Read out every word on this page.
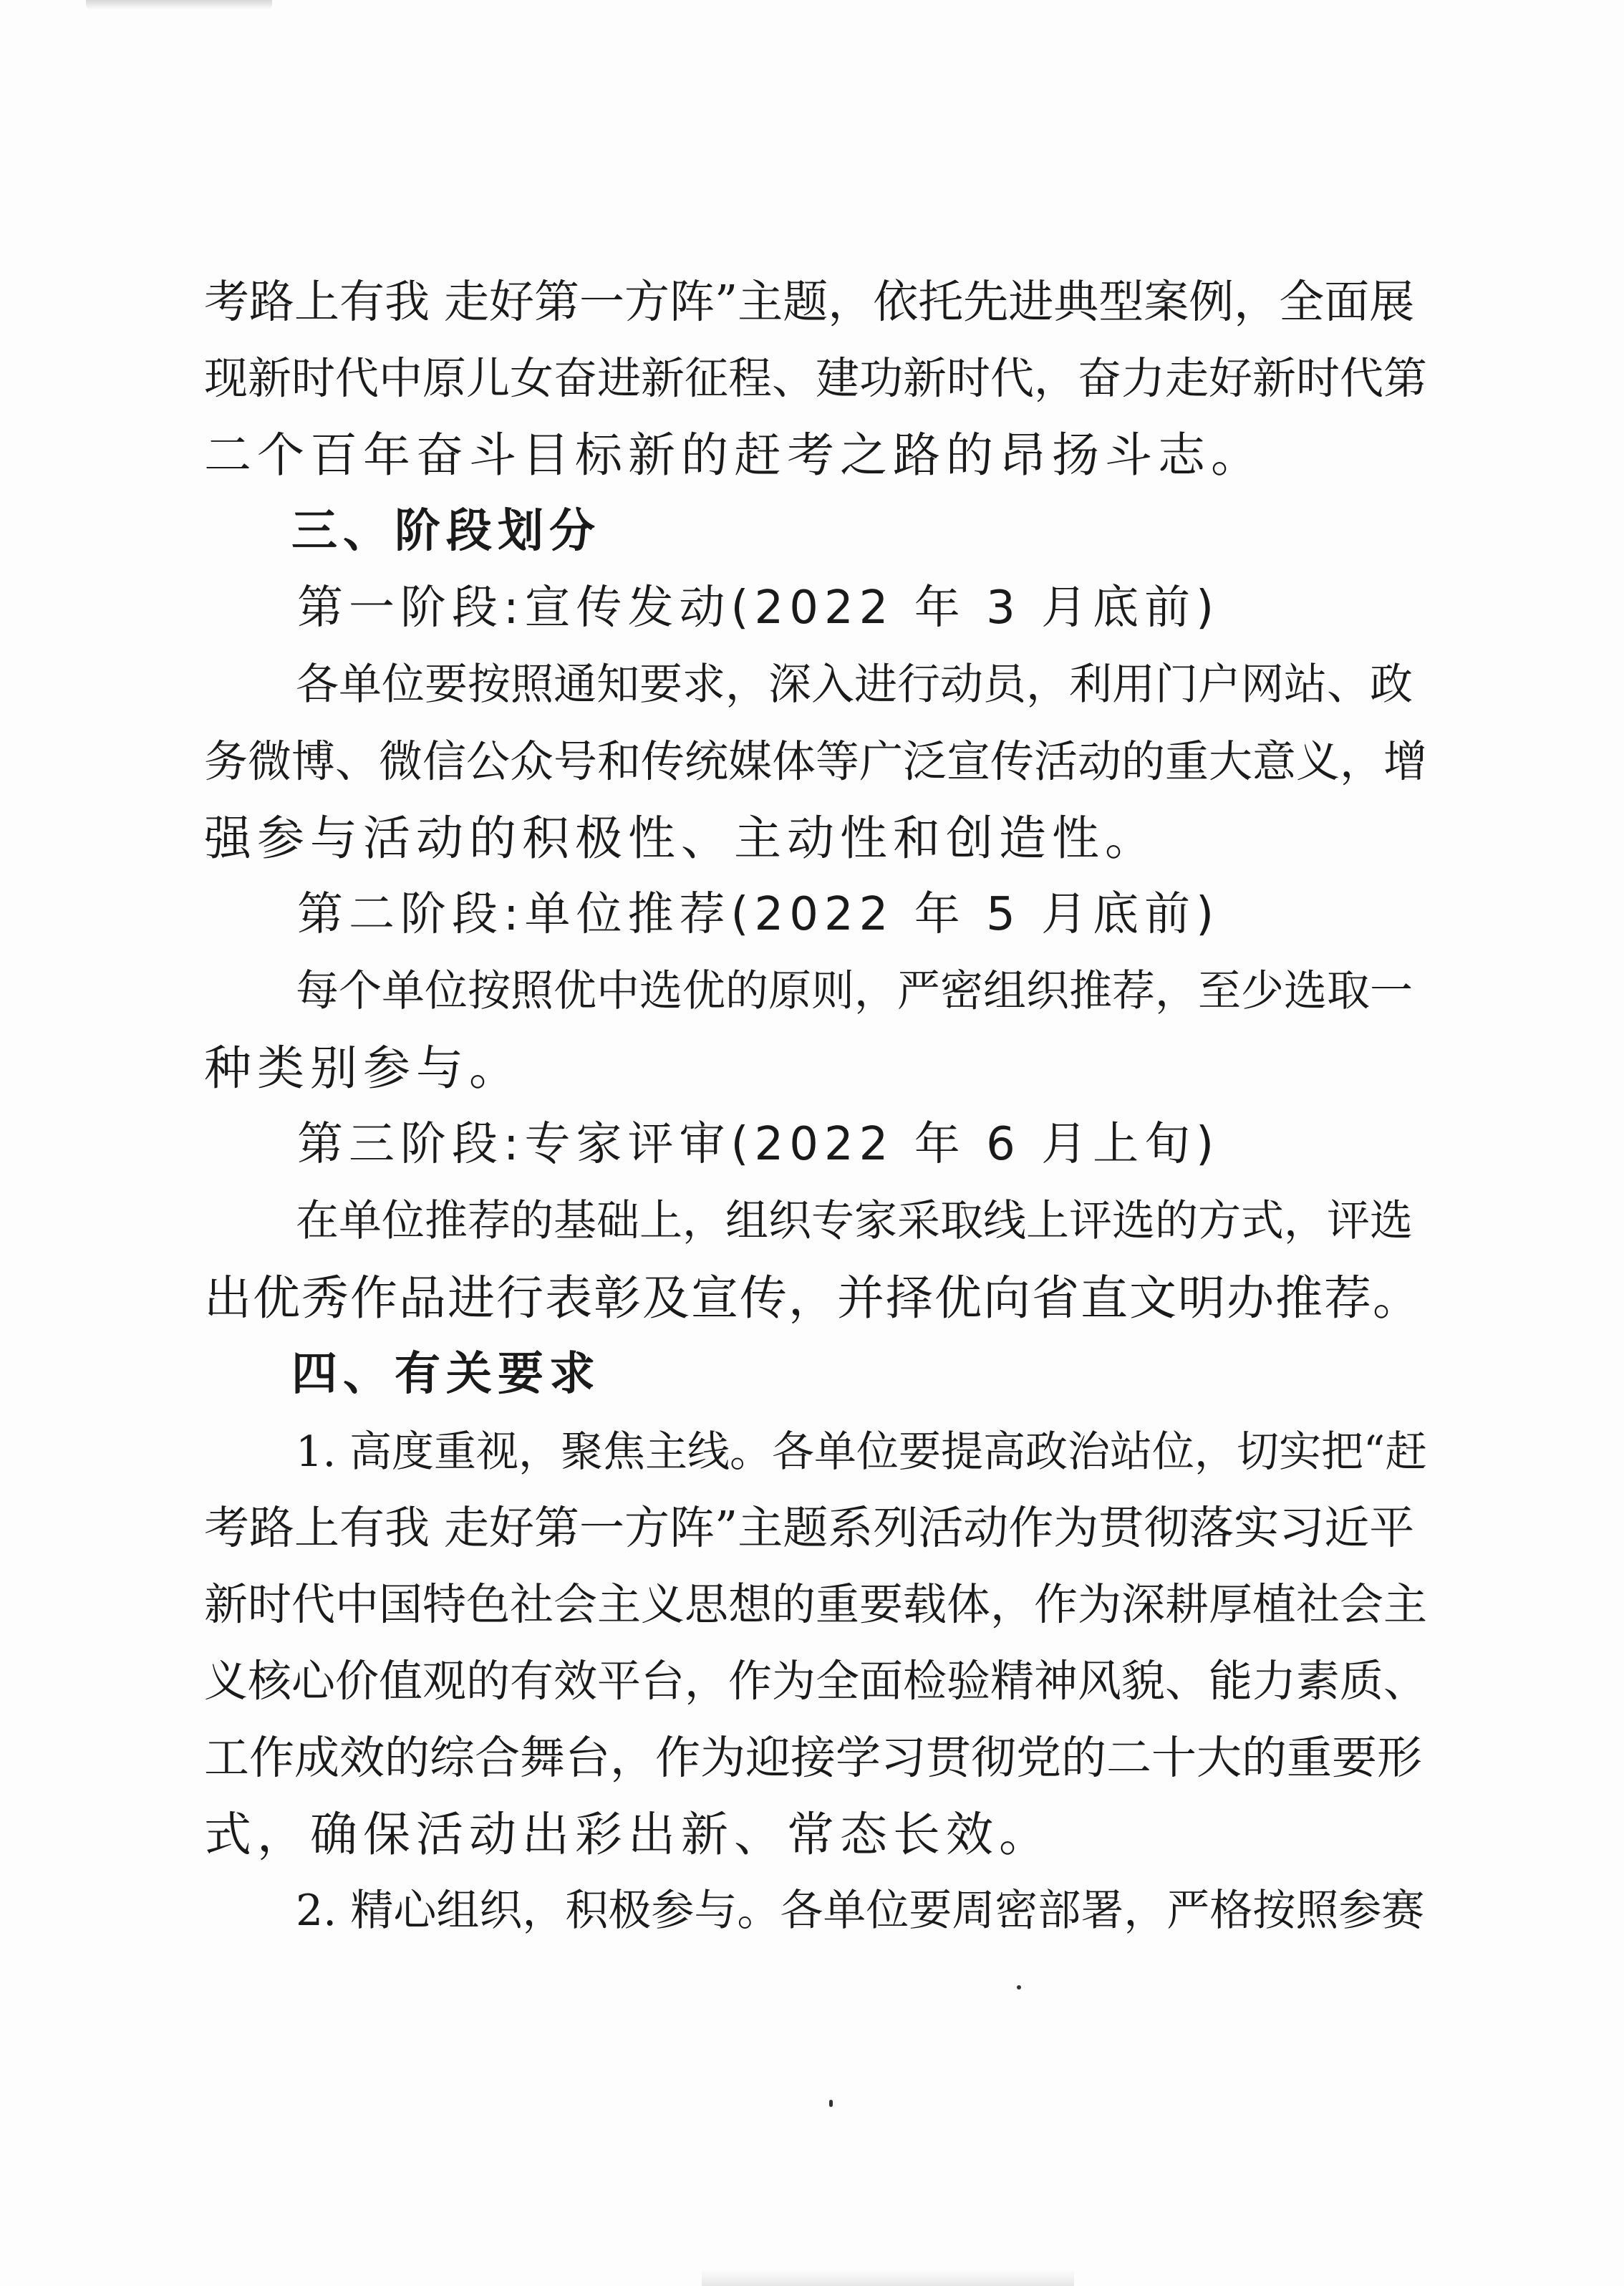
考路上有我 走好第一方阵”主题，依托先进典型案例，全面展
现新时代中原儿女奋进新征程、建功新时代，奋力走好新时代第
二个百年奋斗目标新的赶考之路的昂扬斗志。
三、阶段划分
第一阶段:宣传发动(2022 年 3 月底前)
各单位要按照通知要求，深入进行动员，利用门户网站、政
务微博、微信公众号和传统媒体等广泛宣传活动的重大意义，增
强参与活动的积极性、主动性和创造性。
第二阶段:单位推荐(2022 年 5 月底前)
每个单位按照优中选优的原则，严密组织推荐，至少选取一
种类别参与。
第三阶段:专家评审(2022 年 6 月上旬)
在单位推荐的基础上，组织专家采取线上评选的方式，评选
出优秀作品进行表彰及宣传，并择优向省直文明办推荐。
四、有关要求
1. 高度重视，聚焦主线。各单位要提高政治站位，切实把“赶
考路上有我 走好第一方阵”主题系列活动作为贯彻落实习近平
新时代中国特色社会主义思想的重要载体，作为深耕厚植社会主
义核心价值观的有效平台，作为全面检验精神风貌、能力素质、
工作成效的综合舞台，作为迎接学习贯彻党的二十大的重要形
式，确保活动出彩出新、常态长效。
2. 精心组织，积极参与。各单位要周密部署，严格按照参赛
